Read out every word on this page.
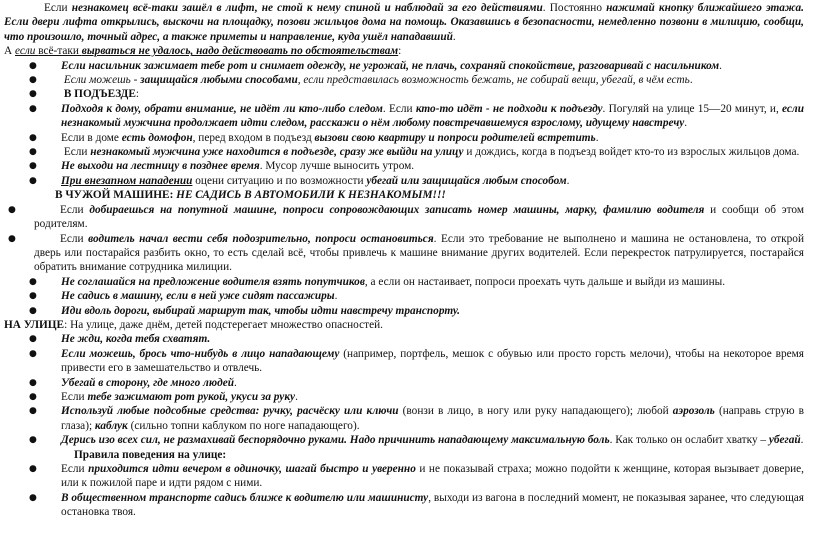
Если незнакомец всё-таки зашёл в лифт, не стой к нему спиной и наблюдай за его действиями. Постоянно нажимай кнопку ближайшего этажа. Если двери лифта открылись, выскочи на площадку, позови жильцов дома на помощь. Оказавшись в безопасности, немедленно позвони в милицию, сообщи, что произошло, точный адрес, а также приметы и направление, куда ушёл нападавший.

А если всё-таки вырваться не удалось, надо действовать по обстоятельствам:

● Если насильник зажимает тебе рот и снимает одежду, не угрожай, не плачь, сохраняй спокойствие, разговаривай с насильником.
● Если можешь - защищайся любыми способами, если представилась возможность бежать, не собирай вещи, убегай, в чём есть.
● В ПОДЪЕЗДЕ:
● Подходя к дому, обрати внимание, не идёт ли кто-либо следом. Если кто-то идёт - не подходи к подъезду. Погуляй на улице 15—20 минут, и, если незнакомый мужчина продолжает идти следом, расскажи о нём любому повстречавшемуся взрослому, идущему навстречу.
● Если в доме есть домофон, перед входом в подъезд вызови свою квартиру и попроси родителей встретить.
● Если незнакомый мужчина уже находится в подъезде, сразу же выйди на улицу и дождись, когда в подъезд войдет кто-то из взрослых жильцов дома.
● Не выходи на лестницу в позднее время. Мусор лучше выносить утром.
● При внезапном нападении оцени ситуацию и по возможности убегай или защищайся любым способом.
В ЧУЖОЙ МАШИНЕ: НЕ САДИСЬ В АВТОМОБИЛИ К НЕЗНАКОМЫМ!!!
●	Если добираешься на попутной машине, попроси сопровождающих записать номер машины, марку, фамилию водителя и сообщи об этом родителям.
●	Если водитель начал вести себя подозрительно, попроси остановиться. Если это требование не выполнено и машина не остановлена, то открой дверь или постарайся разбить окно, то есть сделай всё, чтобы привлечь к машине внимание других водителей. Если перекресток патрулируется, постарайся обратить внимание сотрудника милиции.
● Не соглашайся на предложение водителя взять попутчиков, а если он настаивает, попроси проехать чуть дальше и выйди из машины.
● Не садись в машину, если в ней уже сидят пассажиры.
● Иди вдоль дороги, выбирай маршрут так, чтобы идти навстречу транспорту.
НА УЛИЦЕ: На улице, даже днём, детей подстерегает множество опасностей.
● Не жди, когда тебя схватят.
● Если можешь, брось что-нибудь в лицо нападающему (например, портфель, мешок с обувью или просто горсть мелочи), чтобы на некоторое время привести его в замешательство и отвлечь.
● Убегай в сторону, где много людей.
● Если тебе зажимают рот рукой, укуси за руку.
● Используй любые подсобные средства: ручку, расчёску или ключи (вонзи в лицо, в ногу или руку нападающего); любой аэрозоль (направь струю в глаза); каблук (сильно топни каблуком по ноге нападающего).
● Дерись изо всех сил, не размахивай беспорядочно руками. Надо причинить нападающему максимальную боль. Как только он ослабит хватку – убегай.
Правила поведения на улице:
● Если приходится идти вечером в одиночку, шагай быстро и уверенно и не показывай страха; можно подойти к женщине, которая вызывает доверие, или к пожилой паре и идти рядом с ними.
● В общественном транспорте садись ближе к водителю или машинисту, выходи из вагона в последний момент, не показывая заранее, что следующая остановка твоя.
